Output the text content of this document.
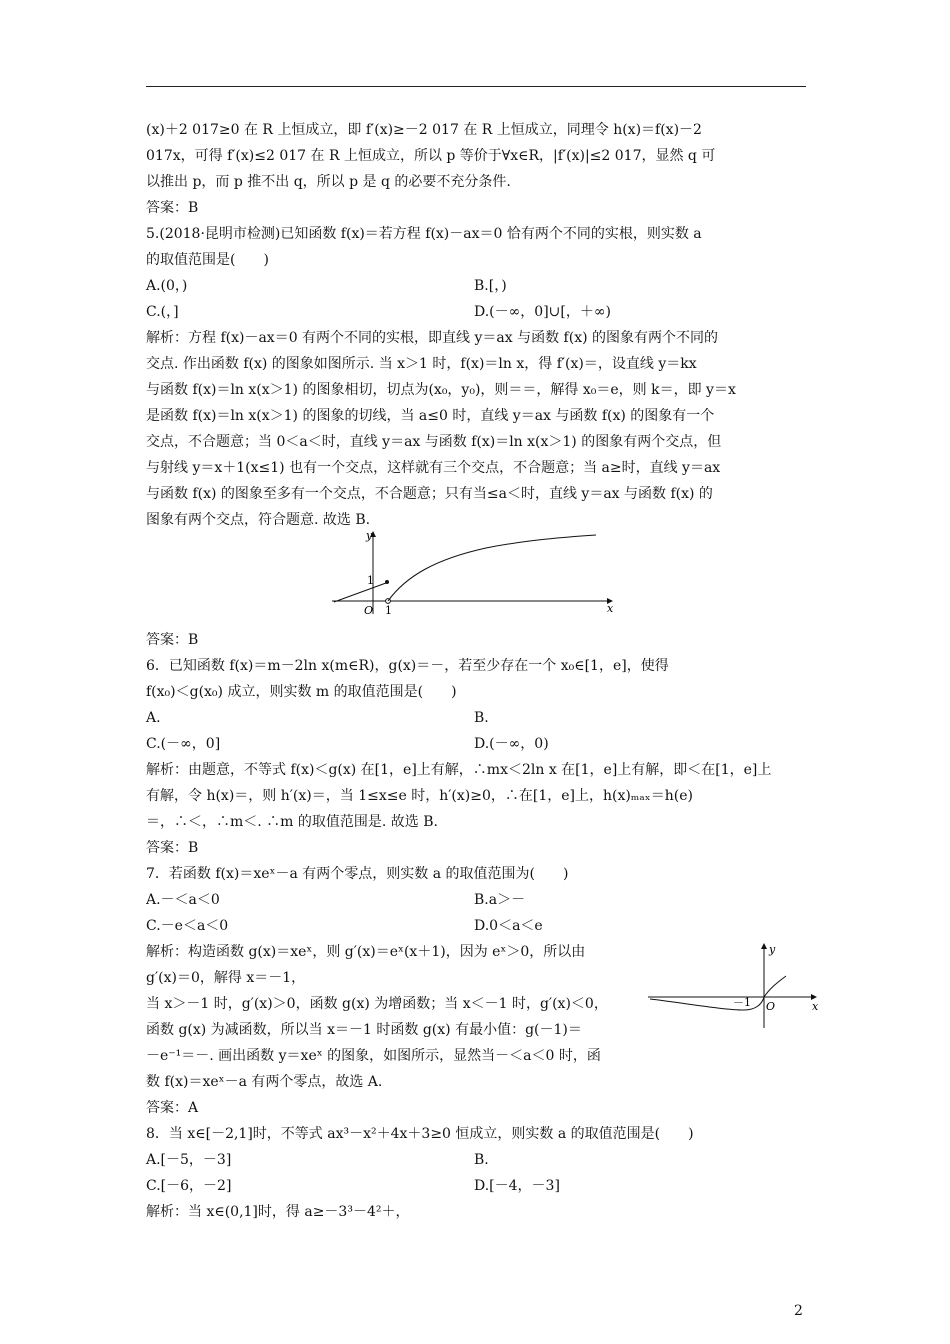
(x)＋2 017≥0 在 R 上恒成立，即 f′(x)≥－2 017 在 R 上恒成立，同理令 h(x)＝f(x)－2
017x，可得 f′(x)≤2 017 在 R 上恒成立，所以 p 等价于∀x∈R，|f′(x)|≤2 017，显然 q 可
以推出 p，而 p 推不出 q，所以 p 是 q 的必要不充分条件.
答案：B
5.(2018·昆明市检测)已知函数 f(x)＝若方程 f(x)－ax＝0 恰有两个不同的实根，则实数 a
的取值范围是(　　)
A.(0，)	B.[，)
C.(，]	D.(－∞，0]∪[，＋∞)
解析：方程 f(x)－ax＝0 有两个不同的实根，即直线 y＝ax 与函数 f(x) 的图象有两个不同的
交点. 作出函数 f(x) 的图象如图所示. 当 x＞1 时，f(x)＝ln x，得 f′(x)＝，设直线 y＝kx
与函数 f(x)＝ln x(x＞1) 的图象相切，切点为(x₀，y₀)，则＝＝，解得 x₀＝e，则 k＝，即 y＝x
是函数 f(x)＝ln x(x＞1) 的图象的切线，当 a≤0 时，直线 y＝ax 与函数 f(x) 的图象有一个
交点，不合题意；当 0＜a＜时，直线 y＝ax 与函数 f(x)＝ln x(x＞1) 的图象有两个交点，但
与射线 y＝x＋1(x≤1) 也有一个交点，这样就有三个交点，不合题意；当 a≥时，直线 y＝ax
与函数 f(x) 的图象至多有一个交点，不合题意；只有当≤a＜时，直线 y＝ax 与函数 f(x) 的
图象有两个交点，符合题意. 故选 B.
y
x
O
1
1
答案：B
6．已知函数 f(x)＝m－2ln x(m∈R)，g(x)＝－，若至少存在一个 x₀∈[1，e]，使得
f(x₀)＜g(x₀) 成立，则实数 m 的取值范围是(　　)
A.	B.
C.(－∞，0]	D.(－∞，0)
解析：由题意，不等式 f(x)＜g(x) 在[1，e]上有解，∴mx＜2ln x 在[1，e]上有解，即＜在[1，e]上
有解，令 h(x)＝，则 h′(x)＝，当 1≤x≤e 时，h′(x)≥0，∴在[1，e]上，h(x)ₘₐₓ＝h(e)
＝，∴＜，∴m＜. ∴m 的取值范围是. 故选 B.
答案：B
7．若函数 f(x)＝xeˣ－a 有两个零点，则实数 a 的取值范围为(　　)
A.－＜a＜0	B.a＞－
C.－e＜a＜0	D.0＜a＜e
解析：构造函数 g(x)＝xeˣ，则 g′(x)＝eˣ(x＋1)，因为 eˣ＞0，所以由
g′(x)＝0，解得 x＝－1，
当 x＞－1 时，g′(x)＞0，函数 g(x) 为增函数；当 x＜－1 时，g′(x)＜0，
函数 g(x) 为减函数，所以当 x＝－1 时函数 g(x) 有最小值：g(－1)＝
－e⁻¹＝－. 画出函数 y＝xeˣ 的图象，如图所示，显然当－＜a＜0 时，函
数 f(x)＝xeˣ－a 有两个零点，故选 A.
答案：A
y
x
O
－1
8．当 x∈[－2,1]时，不等式 ax³－x²＋4x＋3≥0 恒成立，则实数 a 的取值范围是(　　)
A.[－5，－3]	B.
C.[－6，－2]	D.[－4，－3]
解析：当 x∈(0,1]时，得 a≥－3³－4²＋，
2
